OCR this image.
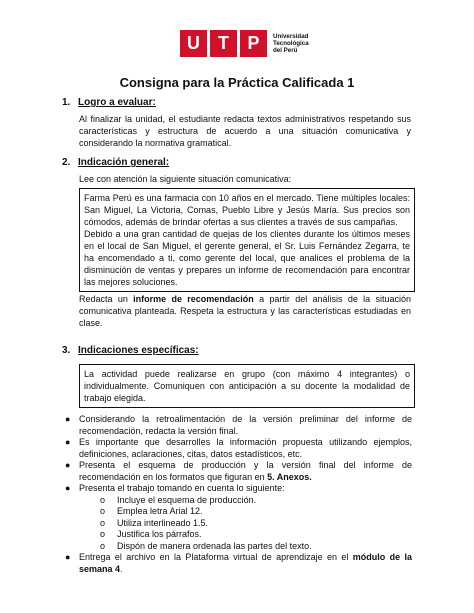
U	T	P	Universidad
Tecnológica
del Perú
Consigna para la Práctica Calificada 1
1. Logro a evaluar:
Al finalizar la unidad, el estudiante redacta textos administrativos respetando sus características y estructura de acuerdo a una situación comunicativa y considerando la normativa gramatical.
2. Indicación general:
Lee con atención la siguiente situación comunicativa:

Farma Perú es una farmacia con 10 años en el mercado. Tiene múltiples locales: San Miguel, La Victoria, Comas, Pueblo Libre y Jesús María. Sus precios son cómodos, además de brindar ofertas a sus clientes a través de sus campañas.

Debido a una gran cantidad de quejas de los clientes durante los últimos meses en el local de San Miguel, el gerente general, el Sr. Luis Fernández Zegarra, te ha encomendado a ti, como gerente del local, que analices el problema de la disminución de ventas y prepares un informe de recomendación para encontrar las mejores soluciones.

Redacta un informe de recomendación a partir del análisis de la situación comunicativa planteada. Respeta la estructura y las características estudiadas en clase.
3. Indicaciones específicas:

La actividad puede realizarse en grupo (con máximo 4 integrantes) o individualmente. Comuniquen con anticipación a su docente la modalidad de trabajo elegida.

● Considerando la retroalimentación de la versión preliminar del informe de recomendación, redacta la versión final.
● Es importante que desarrolles la información propuesta utilizando ejemplos, definiciones, aclaraciones, citas, datos estadísticos, etc.
● Presenta el esquema de producción y la versión final del informe de recomendación en los formatos que figuran en 5. Anexos.
● Presenta el trabajo tomando en cuenta lo siguiente:
o Incluye el esquema de producción.
o Emplea letra Arial 12.
o Utiliza interlineado 1.5.
o Justifica los párrafos.
o Dispón de manera ordenada las partes del texto.
● Entrega el archivo en la Plataforma virtual de aprendizaje en el módulo de la semana 4.
